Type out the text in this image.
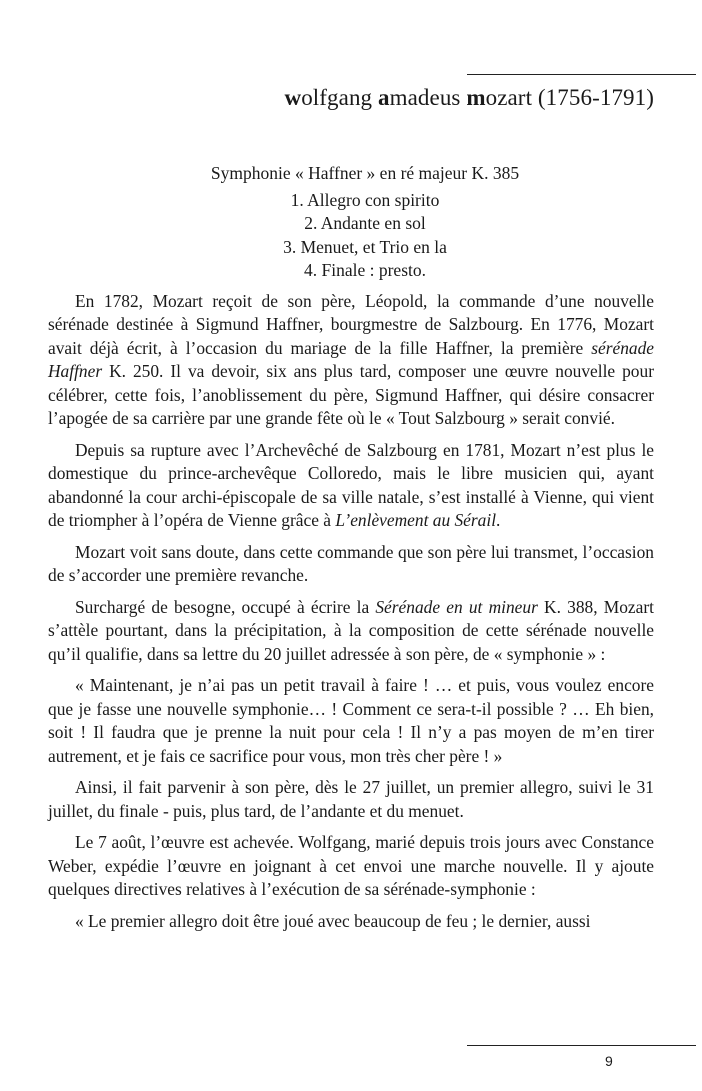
wolfgang amadeus mozart (1756-1791)
Symphonie « Haffner » en ré majeur K. 385
1. Allegro con spirito
2. Andante en sol
3. Menuet, et Trio en la
4. Finale : presto.

En 1782, Mozart reçoit de son père, Léopold, la commande d’une nouvelle sérénade destinée à Sigmund Haffner, bourgmestre de Salzbourg. En 1776, Mozart avait déjà écrit, à l’occasion du mariage de la fille Haffner, la première sérénade Haffner K. 250. Il va devoir, six ans plus tard, composer une œuvre nouvelle pour célébrer, cette fois, l’anoblissement du père, Sigmund Haffner, qui désire consacrer l’apogée de sa carrière par une grande fête où le « Tout Salzbourg » serait convié.

Depuis sa rupture avec l’Archevêché de Salzbourg en 1781, Mozart n’est plus le domestique du prince-archevêque Colloredo, mais le libre musicien qui, ayant abandonné la cour archi-épiscopale de sa ville natale, s’est installé à Vienne, qui vient de triompher à l’opéra de Vienne grâce à L’enlèvement au Sérail.

Mozart voit sans doute, dans cette commande que son père lui transmet, l’occasion de s’accorder une première revanche.

Surchargé de besogne, occupé à écrire la Sérénade en ut mineur K. 388, Mozart s’attèle pourtant, dans la précipitation, à la composition de cette sérénade nouvelle qu’il qualifie, dans sa lettre du 20 juillet adressée à son père, de « symphonie » :

« Maintenant, je n’ai pas un petit travail à faire ! … et puis, vous voulez encore que je fasse une nouvelle symphonie… ! Comment ce sera-t-il possible ? … Eh bien, soit ! Il faudra que je prenne la nuit pour cela ! Il n’y a pas moyen de m’en tirer autrement, et je fais ce sacrifice pour vous, mon très cher père ! »

Ainsi, il fait parvenir à son père, dès le 27 juillet, un premier allegro, suivi le 31 juillet, du finale - puis, plus tard, de l’andante et du menuet.

Le 7 août, l’œuvre est achevée. Wolfgang, marié depuis trois jours avec Constance Weber, expédie l’œuvre en joignant à cet envoi une marche nouvelle. Il y ajoute quelques directives relatives à l’exécution de sa sérénade-symphonie :

« Le premier allegro doit être joué avec beaucoup de feu ; le dernier, aussi

9
